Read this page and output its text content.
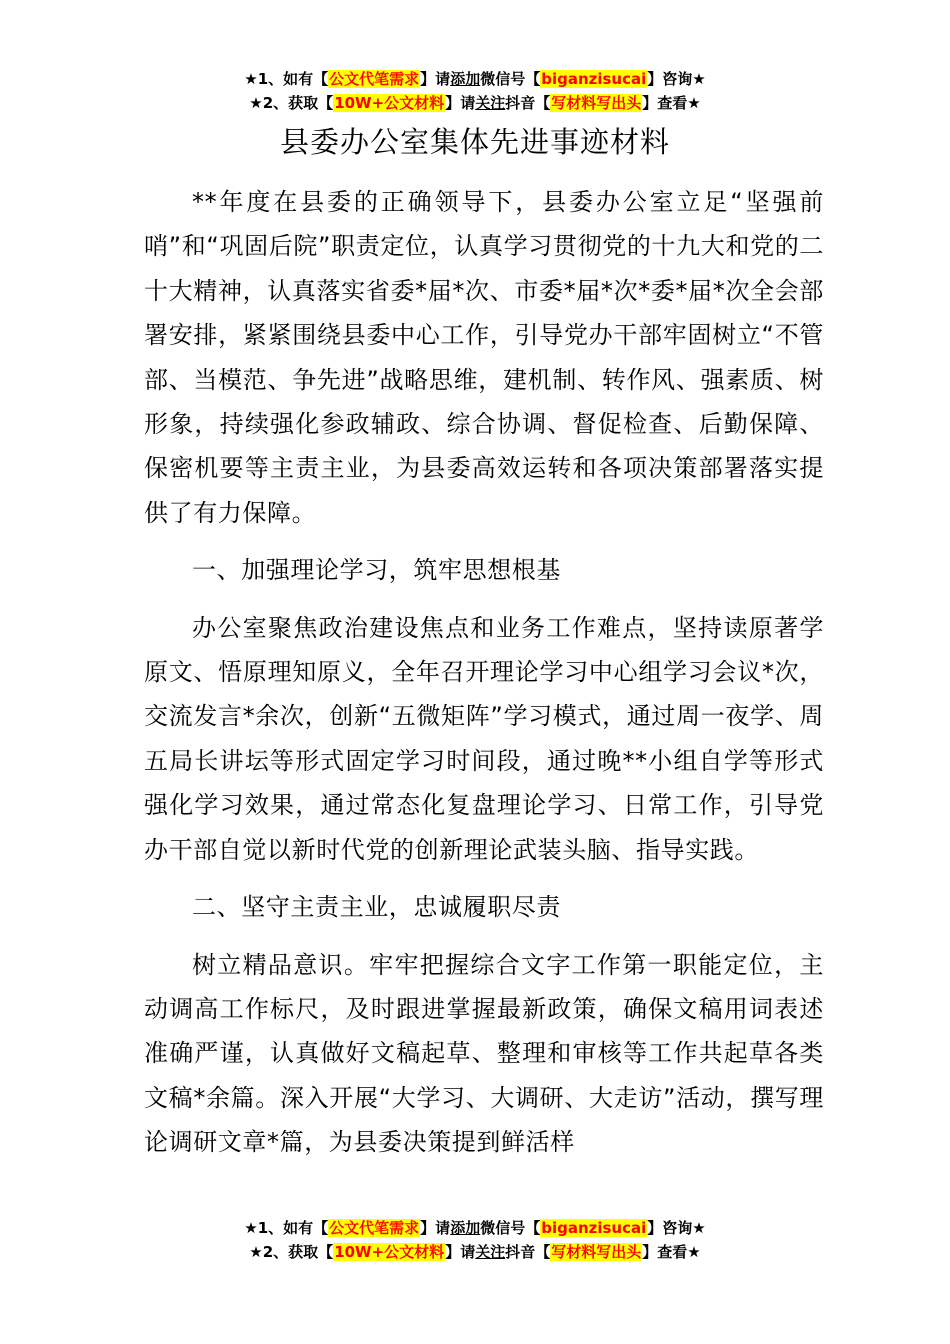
★1、如有【公文代笔需求】请添加微信号【biganzisucai】咨询★
★2、获取【10W+公文材料】请关注抖音【写材料写出头】查看★
县委办公室集体先进事迹材料

**年度在县委的正确领导下，县委办公室立足“坚强前哨”和“巩固后院”职责定位，认真学习贯彻党的十九大和党的二十大精神，认真落实省委*届*次、市委*届*次*委*届*次全会部署安排，紧紧围绕县委中心工作，引导党办干部牢固树立“不管部、当模范、争先进”战略思维，建机制、转作风、强素质、树形象，持续强化参政辅政、综合协调、督促检查、后勤保障、保密机要等主责主业，为县委高效运转和各项决策部署落实提供了有力保障。

一、加强理论学习，筑牢思想根基

办公室聚焦政治建设焦点和业务工作难点，坚持读原著学原文、悟原理知原义，全年召开理论学习中心组学习会议*次，交流发言*余次，创新“五微矩阵”学习模式，通过周一夜学、周五局长讲坛等形式固定学习时间段，通过晚**小组自学等形式强化学习效果，通过常态化复盘理论学习、日常工作，引导党办干部自觉以新时代党的创新理论武装头脑、指导实践。

二、坚守主责主业，忠诚履职尽责

树立精品意识。牢牢把握综合文字工作第一职能定位，主动调高工作标尺，及时跟进掌握最新政策，确保文稿用词表述准确严谨，认真做好文稿起草、整理和审核等工作共起草各类文稿*余篇。深入开展“大学习、大调研、大走访”活动，撰写理论调研文章*篇，为县委决策提到鲜活样

★1、如有【公文代笔需求】请添加微信号【biganzisucai】咨询★
★2、获取【10W+公文材料】请关注抖音【写材料写出头】查看★
